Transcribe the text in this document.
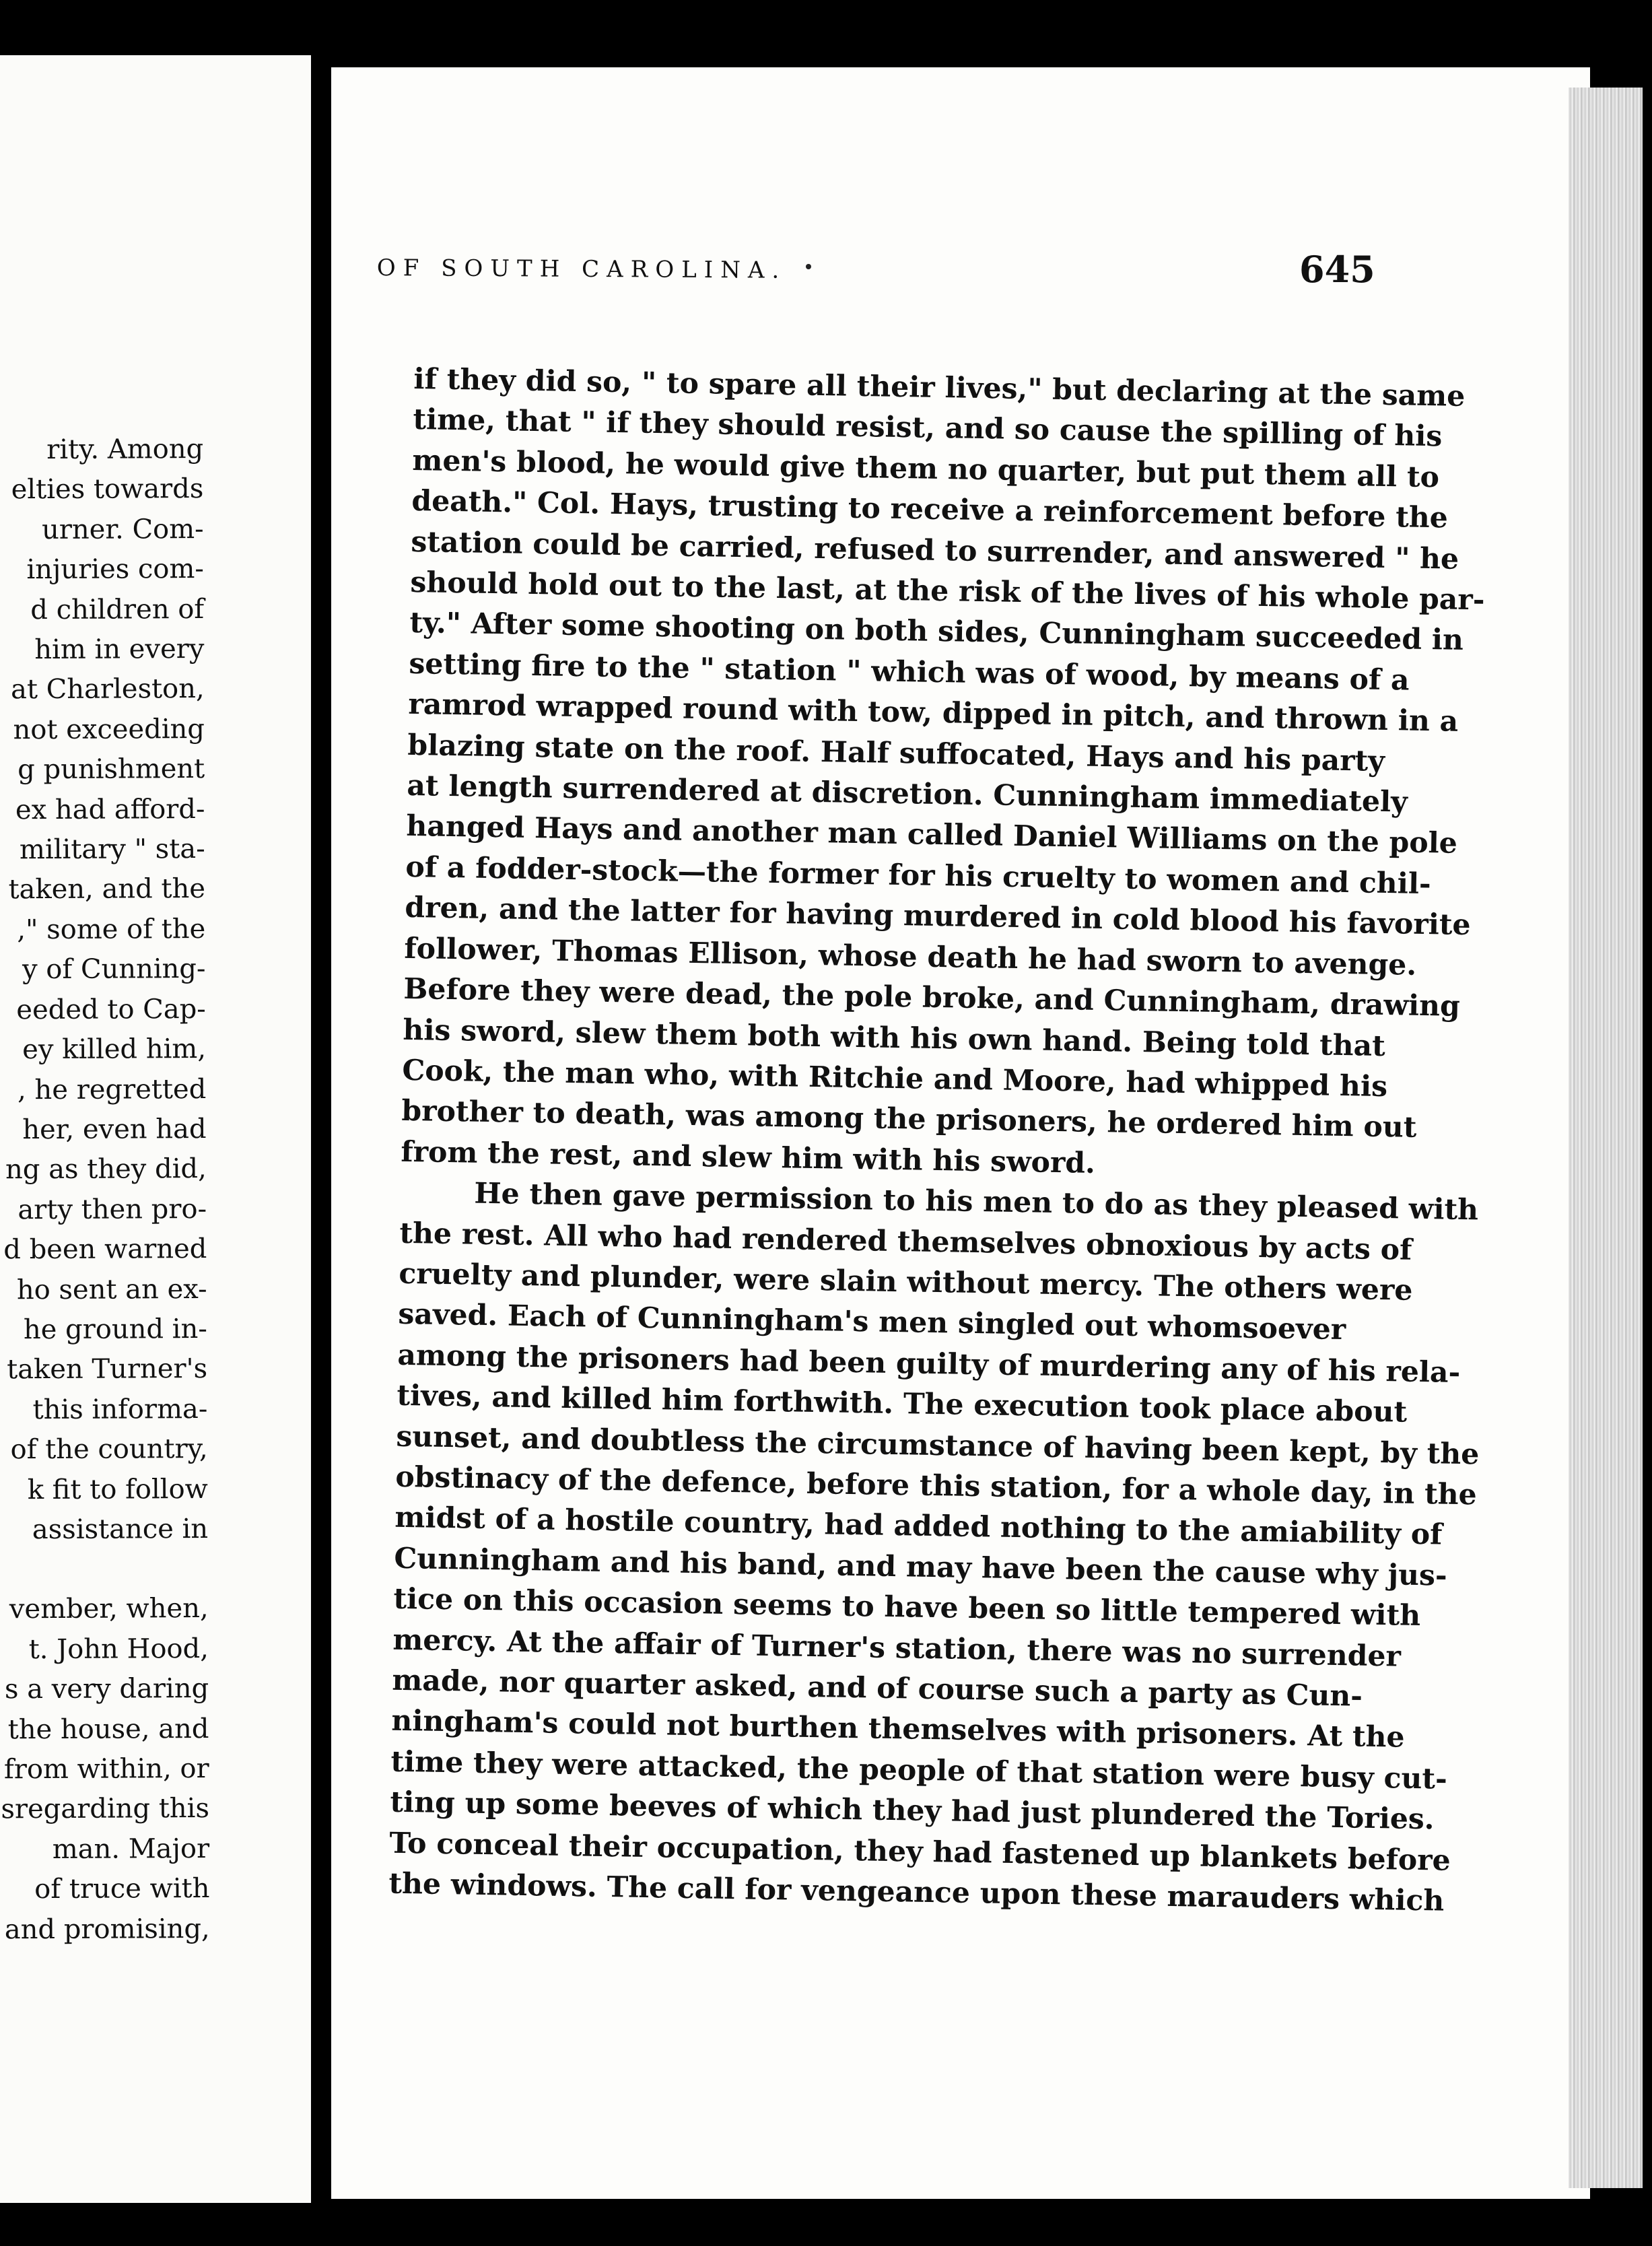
rity. Among
elties towards
urner. Com-
injuries com-
d children of
him in every
at Charleston,
not exceeding
g punishment
ex had afford-
military " sta-
taken, and the
," some of the
y of Cunning-
eeded to Cap-
ey killed him,
, he regretted
her, even had
ng as they did,
arty then pro-
d been warned
ho sent an ex-
he ground in-
taken Turner's
this informa-
of the country,
k fit to follow
assistance in
vember, when,
t. John Hood,
s a very daring
the house, and
from within, or
sregarding this
man. Major
of truce with
and promising,
OF SOUTH CAROLINA.	645
if they did so, " to spare all their lives," but declaring at the same
time, that " if they should resist, and so cause the spilling of his
men's blood, he would give them no quarter, but put them all to
death." Col. Hays, trusting to receive a reinforcement before the
station could be carried, refused to surrender, and answered " he
should hold out to the last, at the risk of the lives of his whole par-
ty." After some shooting on both sides, Cunningham succeeded in
setting fire to the " station " which was of wood, by means of a
ramrod wrapped round with tow, dipped in pitch, and thrown in a
blazing state on the roof. Half suffocated, Hays and his party
at length surrendered at discretion. Cunningham immediately
hanged Hays and another man called Daniel Williams on the pole
of a fodder-stock—the former for his cruelty to women and chil-
dren, and the latter for having murdered in cold blood his favorite
follower, Thomas Ellison, whose death he had sworn to avenge.
Before they were dead, the pole broke, and Cunningham, drawing
his sword, slew them both with his own hand. Being told that
Cook, the man who, with Ritchie and Moore, had whipped his
brother to death, was among the prisoners, he ordered him out
from the rest, and slew him with his sword.
He then gave permission to his men to do as they pleased with
the rest. All who had rendered themselves obnoxious by acts of
cruelty and plunder, were slain without mercy. The others were
saved. Each of Cunningham's men singled out whomsoever
among the prisoners had been guilty of murdering any of his rela-
tives, and killed him forthwith. The execution took place about
sunset, and doubtless the circumstance of having been kept, by the
obstinacy of the defence, before this station, for a whole day, in the
midst of a hostile country, had added nothing to the amiability of
Cunningham and his band, and may have been the cause why jus-
tice on this occasion seems to have been so little tempered with
mercy. At the affair of Turner's station, there was no surrender
made, nor quarter asked, and of course such a party as Cun-
ningham's could not burthen themselves with prisoners. At the
time they were attacked, the people of that station were busy cut-
ting up some beeves of which they had just plundered the Tories.
To conceal their occupation, they had fastened up blankets before
the windows. The call for vengeance upon these marauders which
